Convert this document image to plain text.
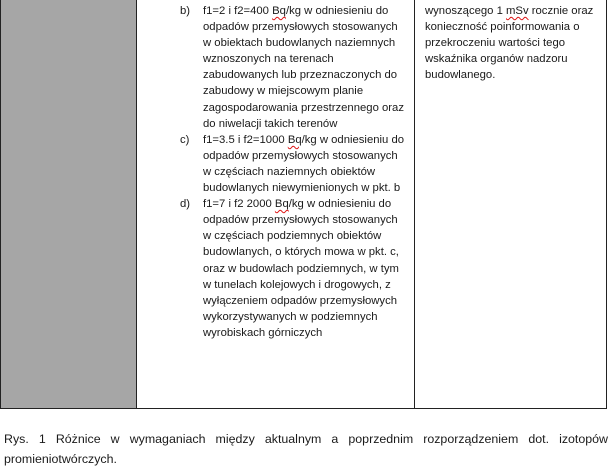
b) f1=2 i f2=400 Bq/kg w odniesieniu do odpadów przemysłowych stosowanych w obiektach budowlanych naziemnych wznoszonych na terenach zabudowanych lub przeznaczonych do zabudowy w miejscowym planie zagospodarowania przestrzennego oraz do niwelacji takich terenów
c) f1=3.5 i f2=1000 Bq/kg w odniesieniu do odpadów przemysłowych stosowanych w częściach naziemnych obiektów budowlanych niewymienionych w pkt. b
d) f1=7 i f2 2000 Bq/kg w odniesieniu do odpadów przemysłowych stosowanych w częściach podziemnych obiektów budowlanych, o których mowa w pkt. c, oraz w budowlach podziemnych, w tym w tunelach kolejowych i drogowych, z wyłączeniem odpadów przemysłowych wykorzystywanych w podziemnych wyrobiskach górniczych
wynoszącego 1 mSv rocznie oraz konieczność poinformowania o przekroczeniu wartości tego wskaźnika organów nadzoru budowlanego.

Rys. 1 Różnice w wymaganiach między aktualnym a poprzednim rozporządzeniem dot. izotopów promieniotwórczych.
